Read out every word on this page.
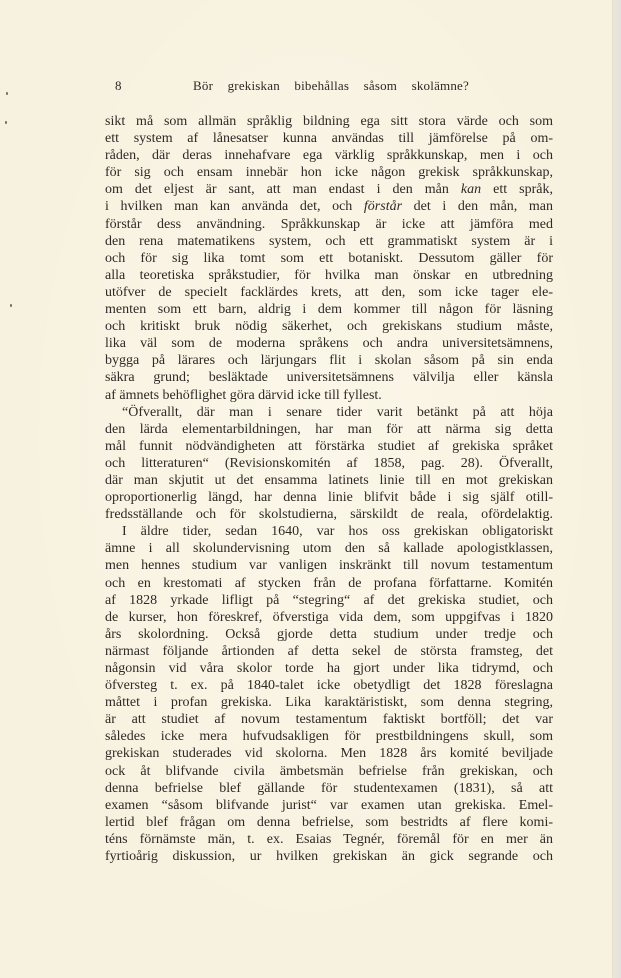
8	Bör grekiskan bibehållas såsom skolämne?
sikt må som allmän språklig bildning ega sitt stora värde och som
ett system af lånesatser kunna användas till jämförelse på om-
råden, där deras innehafvare ega värklig språkkunskap, men i och
för sig och ensam innebär hon icke någon grekisk språkkunskap,
om det eljest är sant, att man endast i den mån kan ett språk,
i hvilken man kan använda det, och förstår det i den mån, man
förstår dess användning. Språkkunskap är icke att jämföra med
den rena matematikens system, och ett grammatiskt system är i
och för sig lika tomt som ett botaniskt. Dessutom gäller för
alla teoretiska språkstudier, för hvilka man önskar en utbredning
utöfver de specielt facklärdes krets, att den, som icke tager ele-
menten som ett barn, aldrig i dem kommer till någon för läsning
och kritiskt bruk nödig säkerhet, och grekiskans studium måste,
lika väl som de moderna språkens och andra universitetsämnens,
bygga på lärares och lärjungars flit i skolan såsom på sin enda
säkra grund; besläktade universitetsämnens välvilja eller känsla
af ämnets behöflighet göra därvid icke till fyllest.
“Öfverallt, där man i senare tider varit betänkt på att höja
den lärda elementarbildningen, har man för att närma sig detta
mål funnit nödvändigheten att förstärka studiet af grekiska språket
och litteraturen“ (Revisionskomitén af 1858, pag. 28). Öfverallt,
där man skjutit ut det ensamma latinets linie till en mot grekiskan
oproportionerlig längd, har denna linie blifvit både i sig själf otill-
fredsställande och för skolstudierna, särskildt de reala, ofördelaktig.
I äldre tider, sedan 1640, var hos oss grekiskan obligatoriskt
ämne i all skolundervisning utom den så kallade apologistklassen,
men hennes studium var vanligen inskränkt till novum testamentum
och en krestomati af stycken från de profana författarne. Komitén
af 1828 yrkade lifligt på “stegring“ af det grekiska studiet, och
de kurser, hon föreskref, öfverstiga vida dem, som uppgifvas i 1820
års skolordning. Också gjorde detta studium under tredje och
närmast följande årtionden af detta sekel de största framsteg, det
någonsin vid våra skolor torde ha gjort under lika tidrymd, och
öfversteg t. ex. på 1840-talet icke obetydligt det 1828 föreslagna
måttet i profan grekiska. Lika karaktäristiskt, som denna stegring,
är att studiet af novum testamentum faktiskt bortföll; det var
således icke mera hufvudsakligen för prestbildningens skull, som
grekiskan studerades vid skolorna. Men 1828 års komité beviljade
ock åt blifvande civila ämbetsmän befrielse från grekiskan, och
denna befrielse blef gällande för studentexamen (1831), så att
examen “såsom blifvande jurist“ var examen utan grekiska. Emel-
lertid blef frågan om denna befrielse, som bestridts af flere komi-
téns förnämste män, t. ex. Esaias Tegnér, föremål för en mer än
fyrtioårig diskussion, ur hvilken grekiskan än gick segrande och
